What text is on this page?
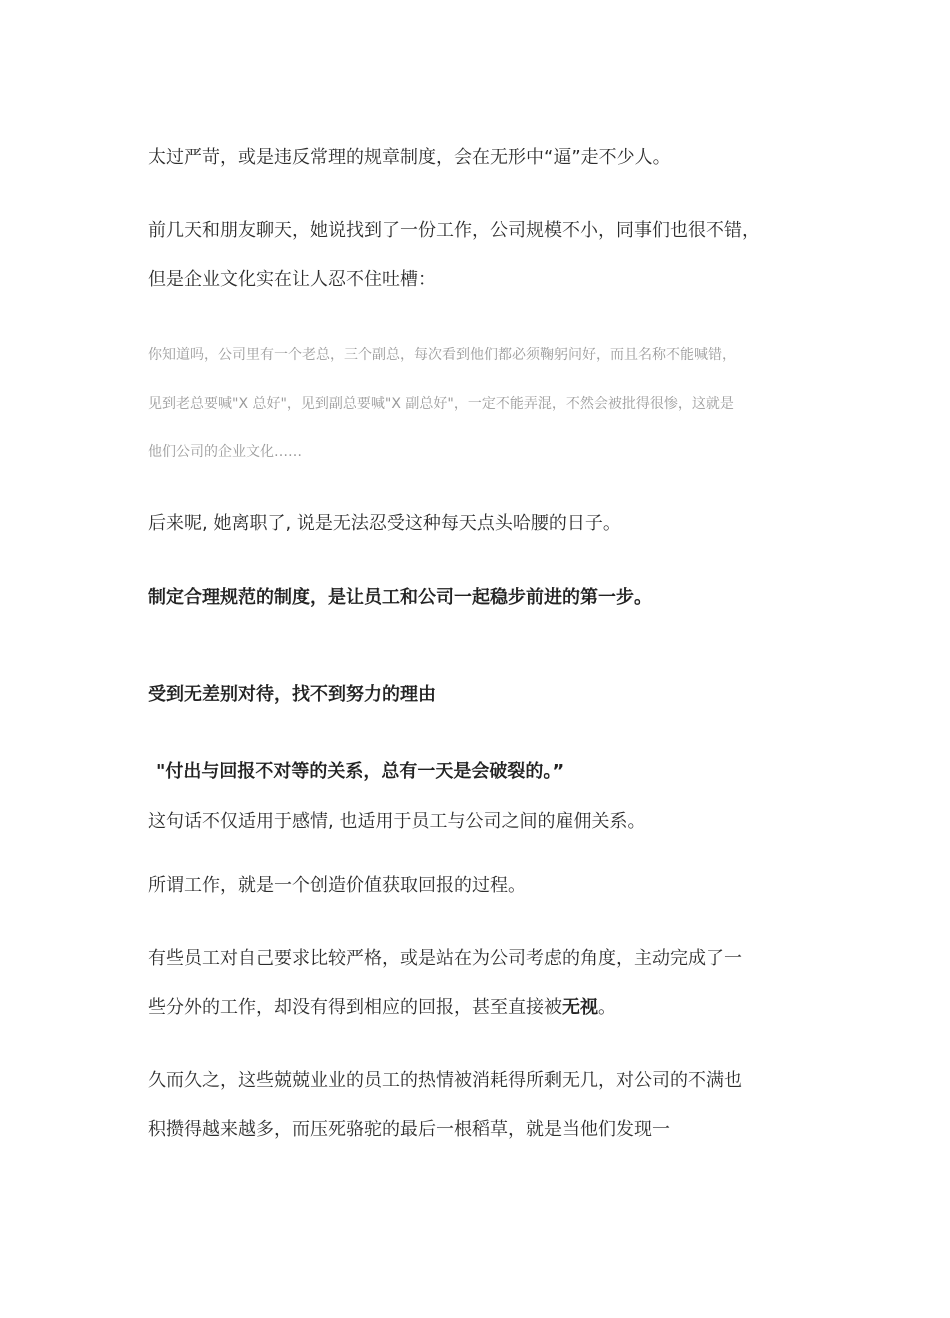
太过严苛，或是违反常理的规章制度，会在无形中“逼”走不少人。
前几天和朋友聊天，她说找到了一份工作，公司规模不小，同事们也很不错，
但是企业文化实在让人忍不住吐槽：
你知道吗，公司里有一个老总，三个副总，每次看到他们都必须鞠躬问好，而且名称不能喊错，
见到老总要喊"X 总好"，见到副总要喊"X 副总好"，一定不能弄混，不然会被批得很惨，这就是
他们公司的企业文化……
后来呢, 她离职了, 说是无法忍受这种每天点头哈腰的日子。
制定合理规范的制度，是让员工和公司一起稳步前进的第一步。
受到无差别对待，找不到努力的理由
"付出与回报不对等的关系，总有一天是会破裂的。”
这句话不仅适用于感情, 也适用于员工与公司之间的雇佣关系。
所谓工作，就是一个创造价值获取回报的过程。
有些员工对自己要求比较严格，或是站在为公司考虑的角度，主动完成了一
些分外的工作，却没有得到相应的回报，甚至直接被无视。
久而久之，这些兢兢业业的员工的热情被消耗得所剩无几，对公司的不满也
积攒得越来越多，而压死骆驼的最后一根稻草，就是当他们发现一
